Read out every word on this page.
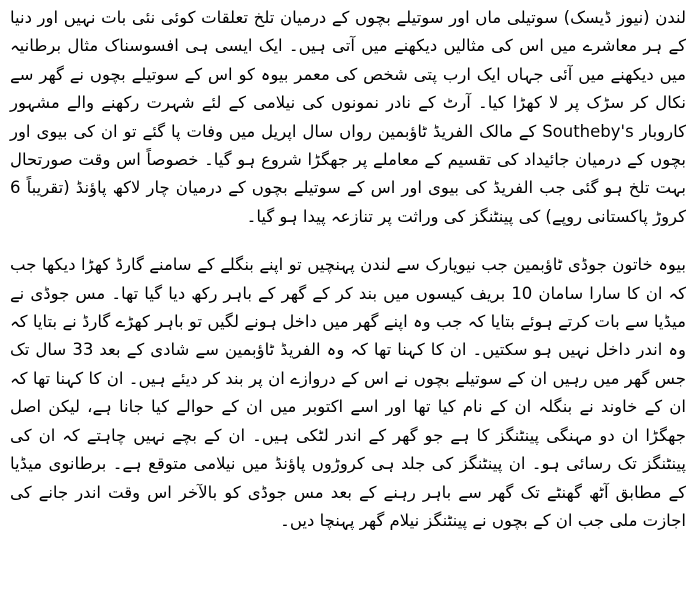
لندن (نیوز ڈیسک) سوتیلی ماں اور سوتیلے بچوں کے درمیان تلخ تعلقات کوئی نئی بات نہیں اور دنیا کے ہر معاشرے میں اس کی مثالیں دیکھنے میں آتی ہیں۔ ایک ایسی ہی افسوسناک مثال برطانیہ میں دیکھنے میں آئی جہاں ایک ارب پتی شخص کی معمر بیوہ کو اس کے سوتیلے بچوں نے گھر سے نکال کر سڑک پر لا کھڑا کیا۔ آرٹ کے نادر نمونوں کی نیلامی کے لئے شہرت رکھنے والے مشہور کاروبار Southeby's کے مالک الفریڈ ٹاؤبمین رواں سال اپریل میں وفات پا گئے تو ان کی بیوی اور بچوں کے درمیان جائیداد کی تقسیم کے معاملے پر جھگڑا شروع ہو گیا۔ خصوصاً اس وقت صورتحال بہت تلخ ہو گئی جب الفریڈ کی بیوی اور اس کے سوتیلے بچوں کے درمیان چار لاکھ پاؤنڈ (تقریباً 6 کروڑ پاکستانی روپے) کی پینٹنگز کی وراثت پر تنازعہ پیدا ہو گیا۔

بیوہ خاتون جوڈی ٹاؤبمین جب نیویارک سے لندن پہنچیں تو اپنے بنگلے کے سامنے گارڈ کھڑا دیکھا جب کہ ان کا سارا سامان 10 بریف کیسوں میں بند کر کے گھر کے باہر رکھ دیا گیا تھا۔ مس جوڈی نے میڈیا سے بات کرتے ہوئے بتایا کہ جب وہ اپنے گھر میں داخل ہونے لگیں تو باہر کھڑے گارڈ نے بتایا کہ وہ اندر داخل نہیں ہو سکتیں۔ ان کا کہنا تھا کہ وہ الفریڈ ٹاؤبمین سے شادی کے بعد 33 سال تک جس گھر میں رہیں ان کے سوتیلے بچوں نے اس کے دروازے ان پر بند کر دیئے ہیں۔ ان کا کہنا تھا کہ ان کے خاوند نے بنگلہ ان کے نام کیا تھا اور اسے اکتوبر میں ان کے حوالے کیا جانا ہے، لیکن اصل جھگڑا ان دو مہنگی پینٹنگز کا ہے جو گھر کے اندر لٹکی ہیں۔ ان کے بچے نہیں چاہتے کہ ان کی پینٹنگز تک رسائی ہو۔ ان پینٹنگز کی جلد ہی کروڑوں پاؤنڈ میں نیلامی متوقع ہے۔ برطانوی میڈیا کے مطابق آٹھ گھنٹے تک گھر سے باہر رہنے کے بعد مس جوڈی کو بالآخر اس وقت اندر جانے کی اجازت ملی جب ان کے بچوں نے پینٹنگز نیلام گھر پہنچا دیں۔
